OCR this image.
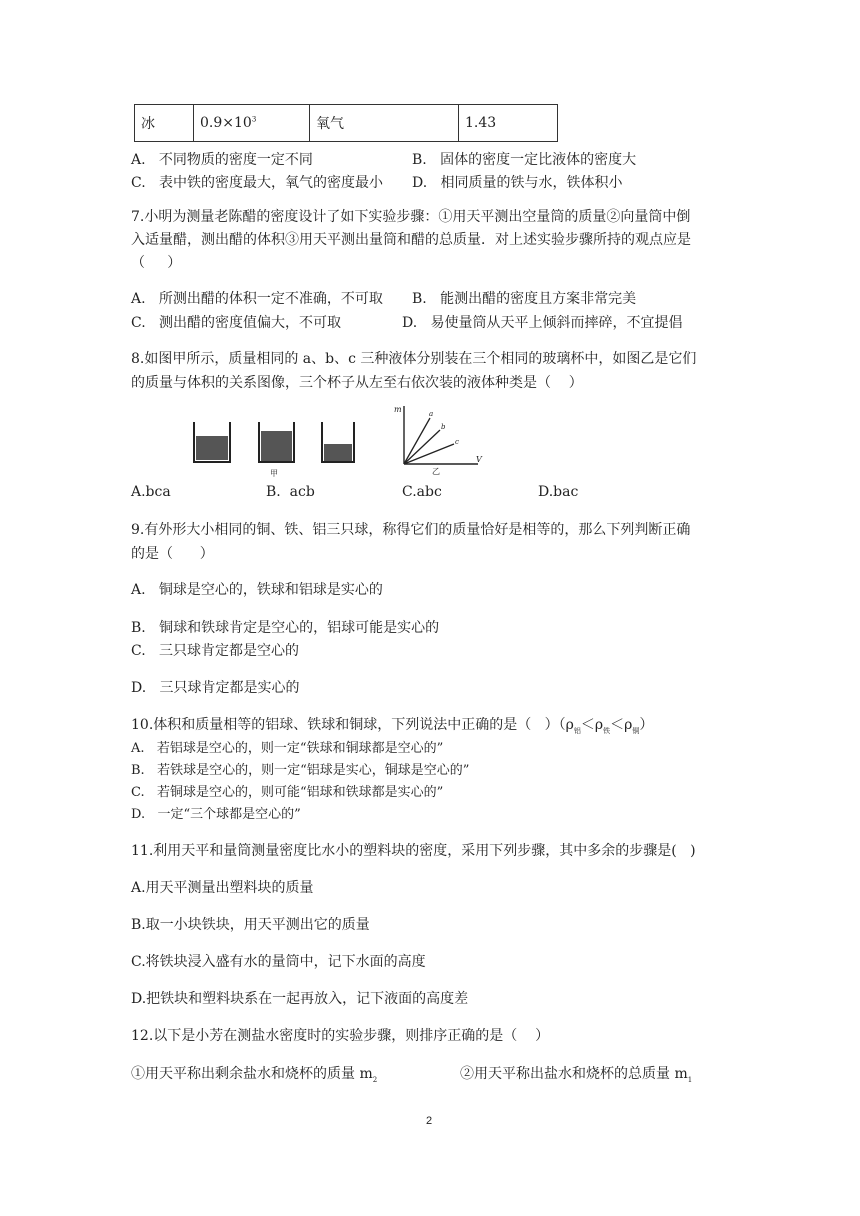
冰	$0.9\times 10^3$	氧气	1.43
A.   不同物质的密度一定不同	B.   固体的密度一定比液体的密度大
C.   表中铁的密度最大，氧气的密度最小 D.   相同质量的铁与水，铁体积小
7.小明为测量老陈醋的密度设计了如下实验步骤：①用天平测出空量筒的质量②向量筒中倒
入适量醋，测出醋的体积③用天平测出量筒和醋的总质量．对上述实验步骤所持的观点应是
（     ）
A.   所测出醋的体积一定不准确，不可取 B.   能测出醋的密度且方案非常完美
C.   测出醋的密度值偏大，不可取	D.   易使量筒从天平上倾斜而摔碎，不宜提倡
8.如图甲所示，质量相同的 a、b、c 三种液体分别装在三个相同的玻璃杯中，如图乙是它们
的质量与体积的关系图像，三个杯子从左至右依次装的液体种类是（    ）
甲
m
V
a
b
c
乙
A.bca	B.  acb	C.abc	D.bac
9.有外形大小相同的铜、铁、铝三只球，称得它们的质量恰好是相等的，那么下列判断正确
的是（      ）
A.   铜球是空心的，铁球和铝球是实心的
B.   铜球和铁球肯定是空心的，铝球可能是实心的
C.   三只球肯定都是空心的
D.   三只球肯定都是实心的
10.体积和质量相等的铝球、铁球和铜球，下列说法中正确的是（   ）$(\rho_铝<\rho_铁<\rho_铜)$
A.   若铝球是空心的，则一定“铁球和铜球都是空心的”
B.   若铁球是空心的，则一定“铝球是实心，铜球是空心的”
C.   若铜球是空心的，则可能“铝球和铁球都是实心的”
D.   一定“三个球都是空心的”
11.利用天平和量筒测量密度比水小的塑料块的密度，采用下列步骤，其中多余的步骤是(   )
A.用天平测量出塑料块的质量
B.取一小块铁块，用天平测出它的质量
C.将铁块浸入盛有水的量筒中，记下水面的高度
D.把铁块和塑料块系在一起再放入，记下液面的高度差
12.以下是小芳在测盐水密度时的实验步骤，则排序正确的是（    ）
①用天平称出剩余盐水和烧杯的质量 $m_2$	②用天平称出盐水和烧杯的总质量 $m_1$
2
